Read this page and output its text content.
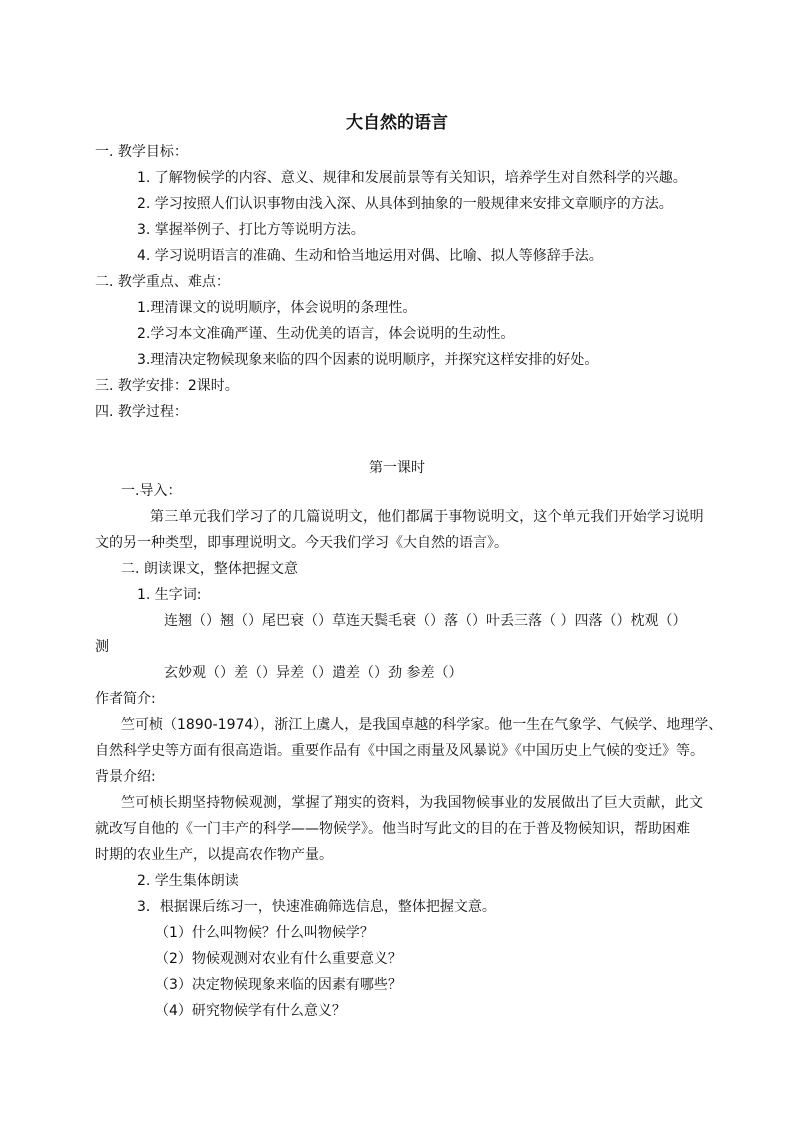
大自然的语言
一. 教学目标：
1. 了解物候学的内容、意义、规律和发展前景等有关知识，培养学生对自然科学的兴趣。
2. 学习按照人们认识事物由浅入深、从具体到抽象的一般规律来安排文章顺序的方法。
3. 掌握举例子、打比方等说明方法。
4. 学习说明语言的准确、生动和恰当地运用对偶、比喻、拟人等修辞手法。
二. 教学重点、难点：
1.理清课文的说明顺序，体会说明的条理性。
2.学习本文准确严谨、生动优美的语言，体会说明的生动性。
3.理清决定物候现象来临的四个因素的说明顺序，并探究这样安排的好处。
三. 教学安排：2课时。
四. 教学过程：
第一课时
一.导入：
第三单元我们学习了的几篇说明文，他们都属于事物说明文，这个单元我们开始学习说明
文的另一种类型，即事理说明文。今天我们学习《大自然的语言》。
二. 朗读课文，整体把握文意
1. 生字词:
连翘（）翘（）尾巴衰（）草连天鬓毛衰（）落（）叶丢三落（ ）四落（）枕观（）
测
玄妙观（）差（）异差（）遣差（）劲 参差（）
作者简介:
竺可桢（1890-1974），浙江上虞人，是我国卓越的科学家。他一生在气象学、气候学、地理学、
自然科学史等方面有很高造诣。重要作品有《中国之雨量及风暴说》《中国历史上气候的变迁》等。
背景介绍:
竺可桢长期坚持物候观测，掌握了翔实的资料，为我国物候事业的发展做出了巨大贡献，此文
就改写自他的《一门丰产的科学——物候学》。他当时写此文的目的在于普及物候知识，帮助困难
时期的农业生产，以提高农作物产量。
2. 学生集体朗读
3．根据课后练习一，快速准确筛选信息，整体把握文意。
（1）什么叫物候？什么叫物候学？
（2）物候观测对农业有什么重要意义？
（3）决定物候现象来临的因素有哪些？
（4）研究物候学有什么意义？
